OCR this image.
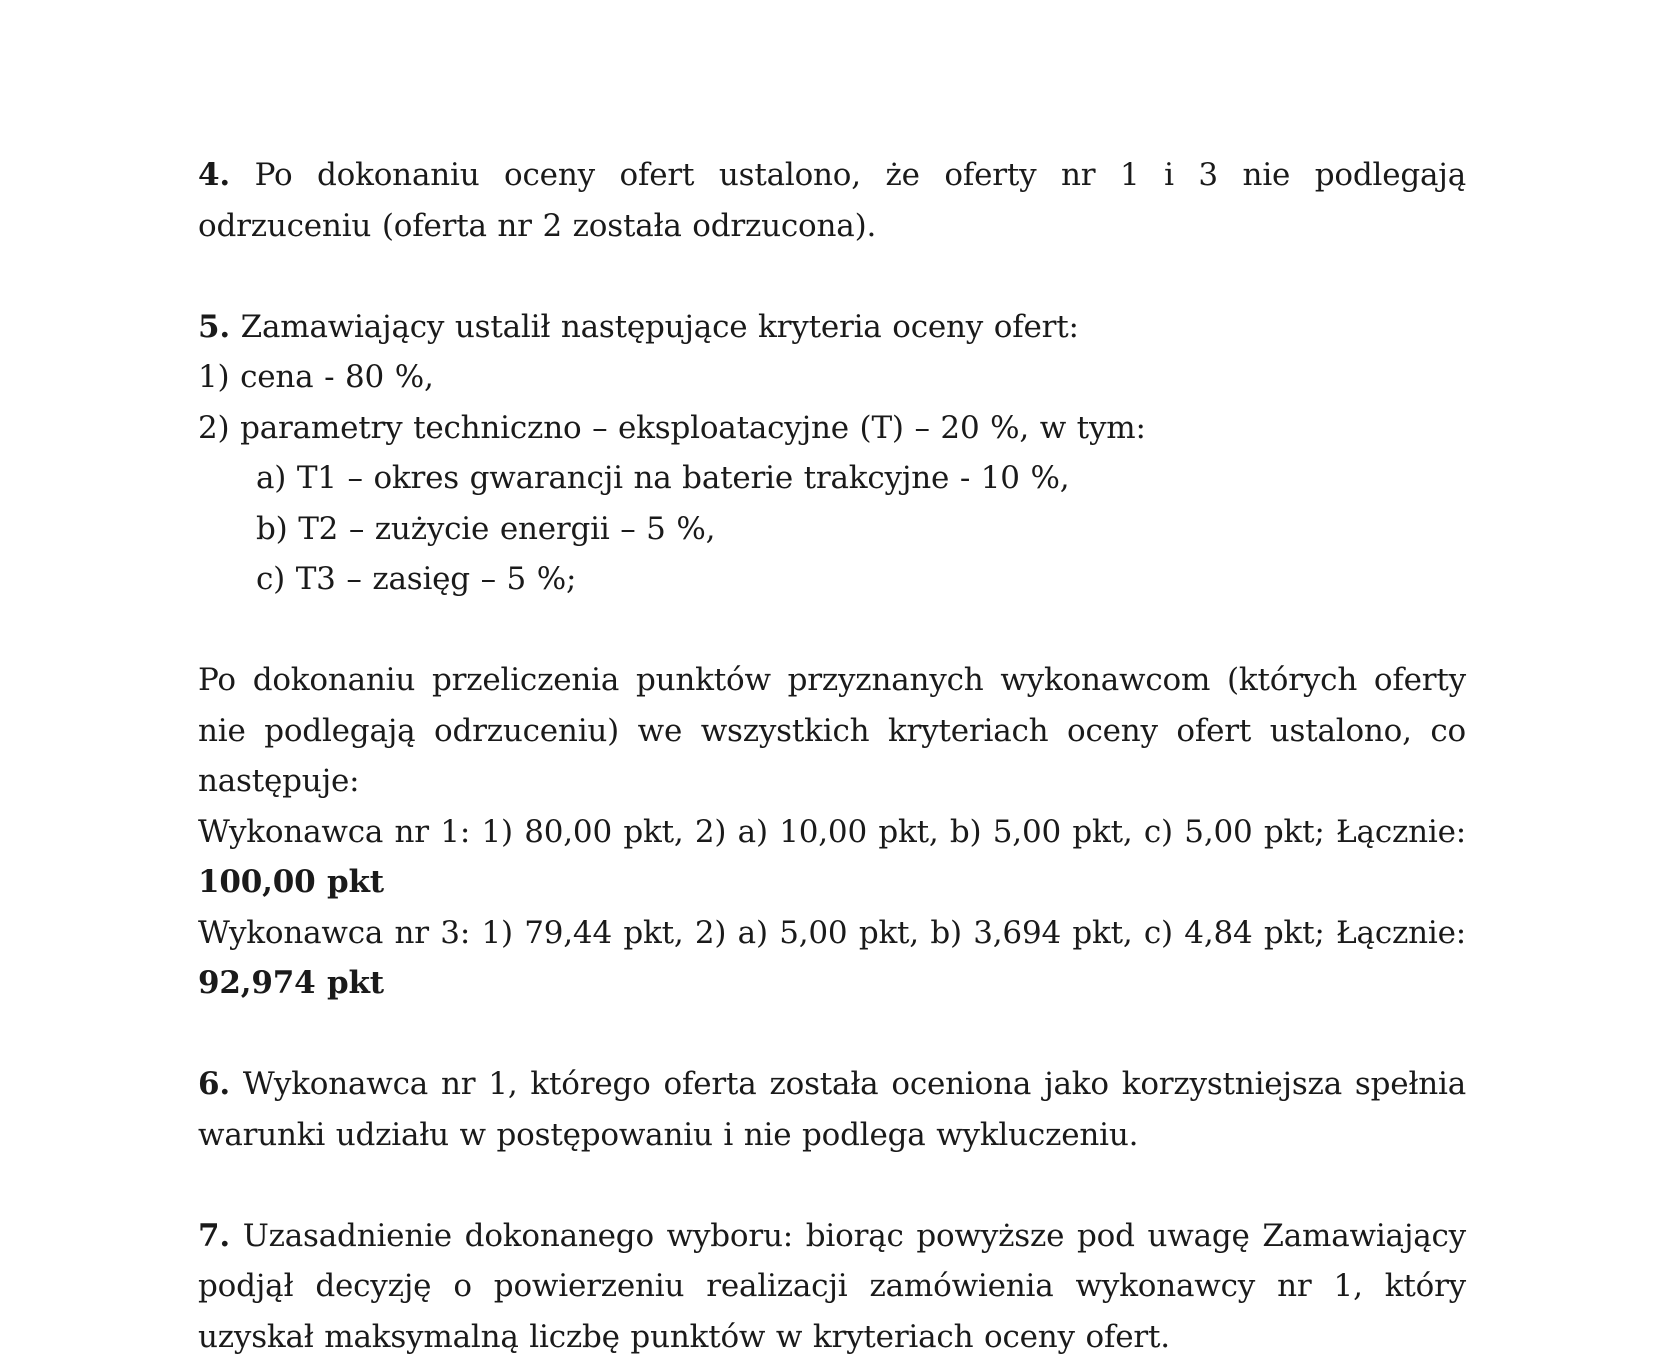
4. Po dokonaniu oceny ofert ustalono, że oferty nr 1 i 3 nie podlegają odrzuceniu (oferta nr 2 została odrzucona).

5. Zamawiający ustalił następujące kryteria oceny ofert:

1) cena - 80 %,

2) parametry techniczno – eksploatacyjne (T) – 20 %, w tym:

a) T1 – okres gwarancji na baterie trakcyjne - 10 %,

b) T2 – zużycie energii – 5 %,

c) T3 – zasięg – 5 %;

Po dokonaniu przeliczenia punktów przyznanych wykonawcom (których oferty nie podlegają odrzuceniu) we wszystkich kryteriach oceny ofert ustalono, co następuje:

Wykonawca nr 1: 1) 80,00 pkt, 2) a) 10,00 pkt, b) 5,00 pkt, c) 5,00 pkt; Łącznie:

100,00 pkt

Wykonawca nr 3: 1) 79,44 pkt, 2) a) 5,00 pkt, b) 3,694 pkt, c) 4,84 pkt; Łącznie:

92,974 pkt

6. Wykonawca nr 1, którego oferta została oceniona jako korzystniejsza spełnia warunki udziału w postępowaniu i nie podlega wykluczeniu.

7. Uzasadnienie dokonanego wyboru: biorąc powyższe pod uwagę Zamawiający podjął decyzję o powierzeniu realizacji zamówienia wykonawcy nr 1, który uzyskał maksymalną liczbę punktów w kryteriach oceny ofert.
